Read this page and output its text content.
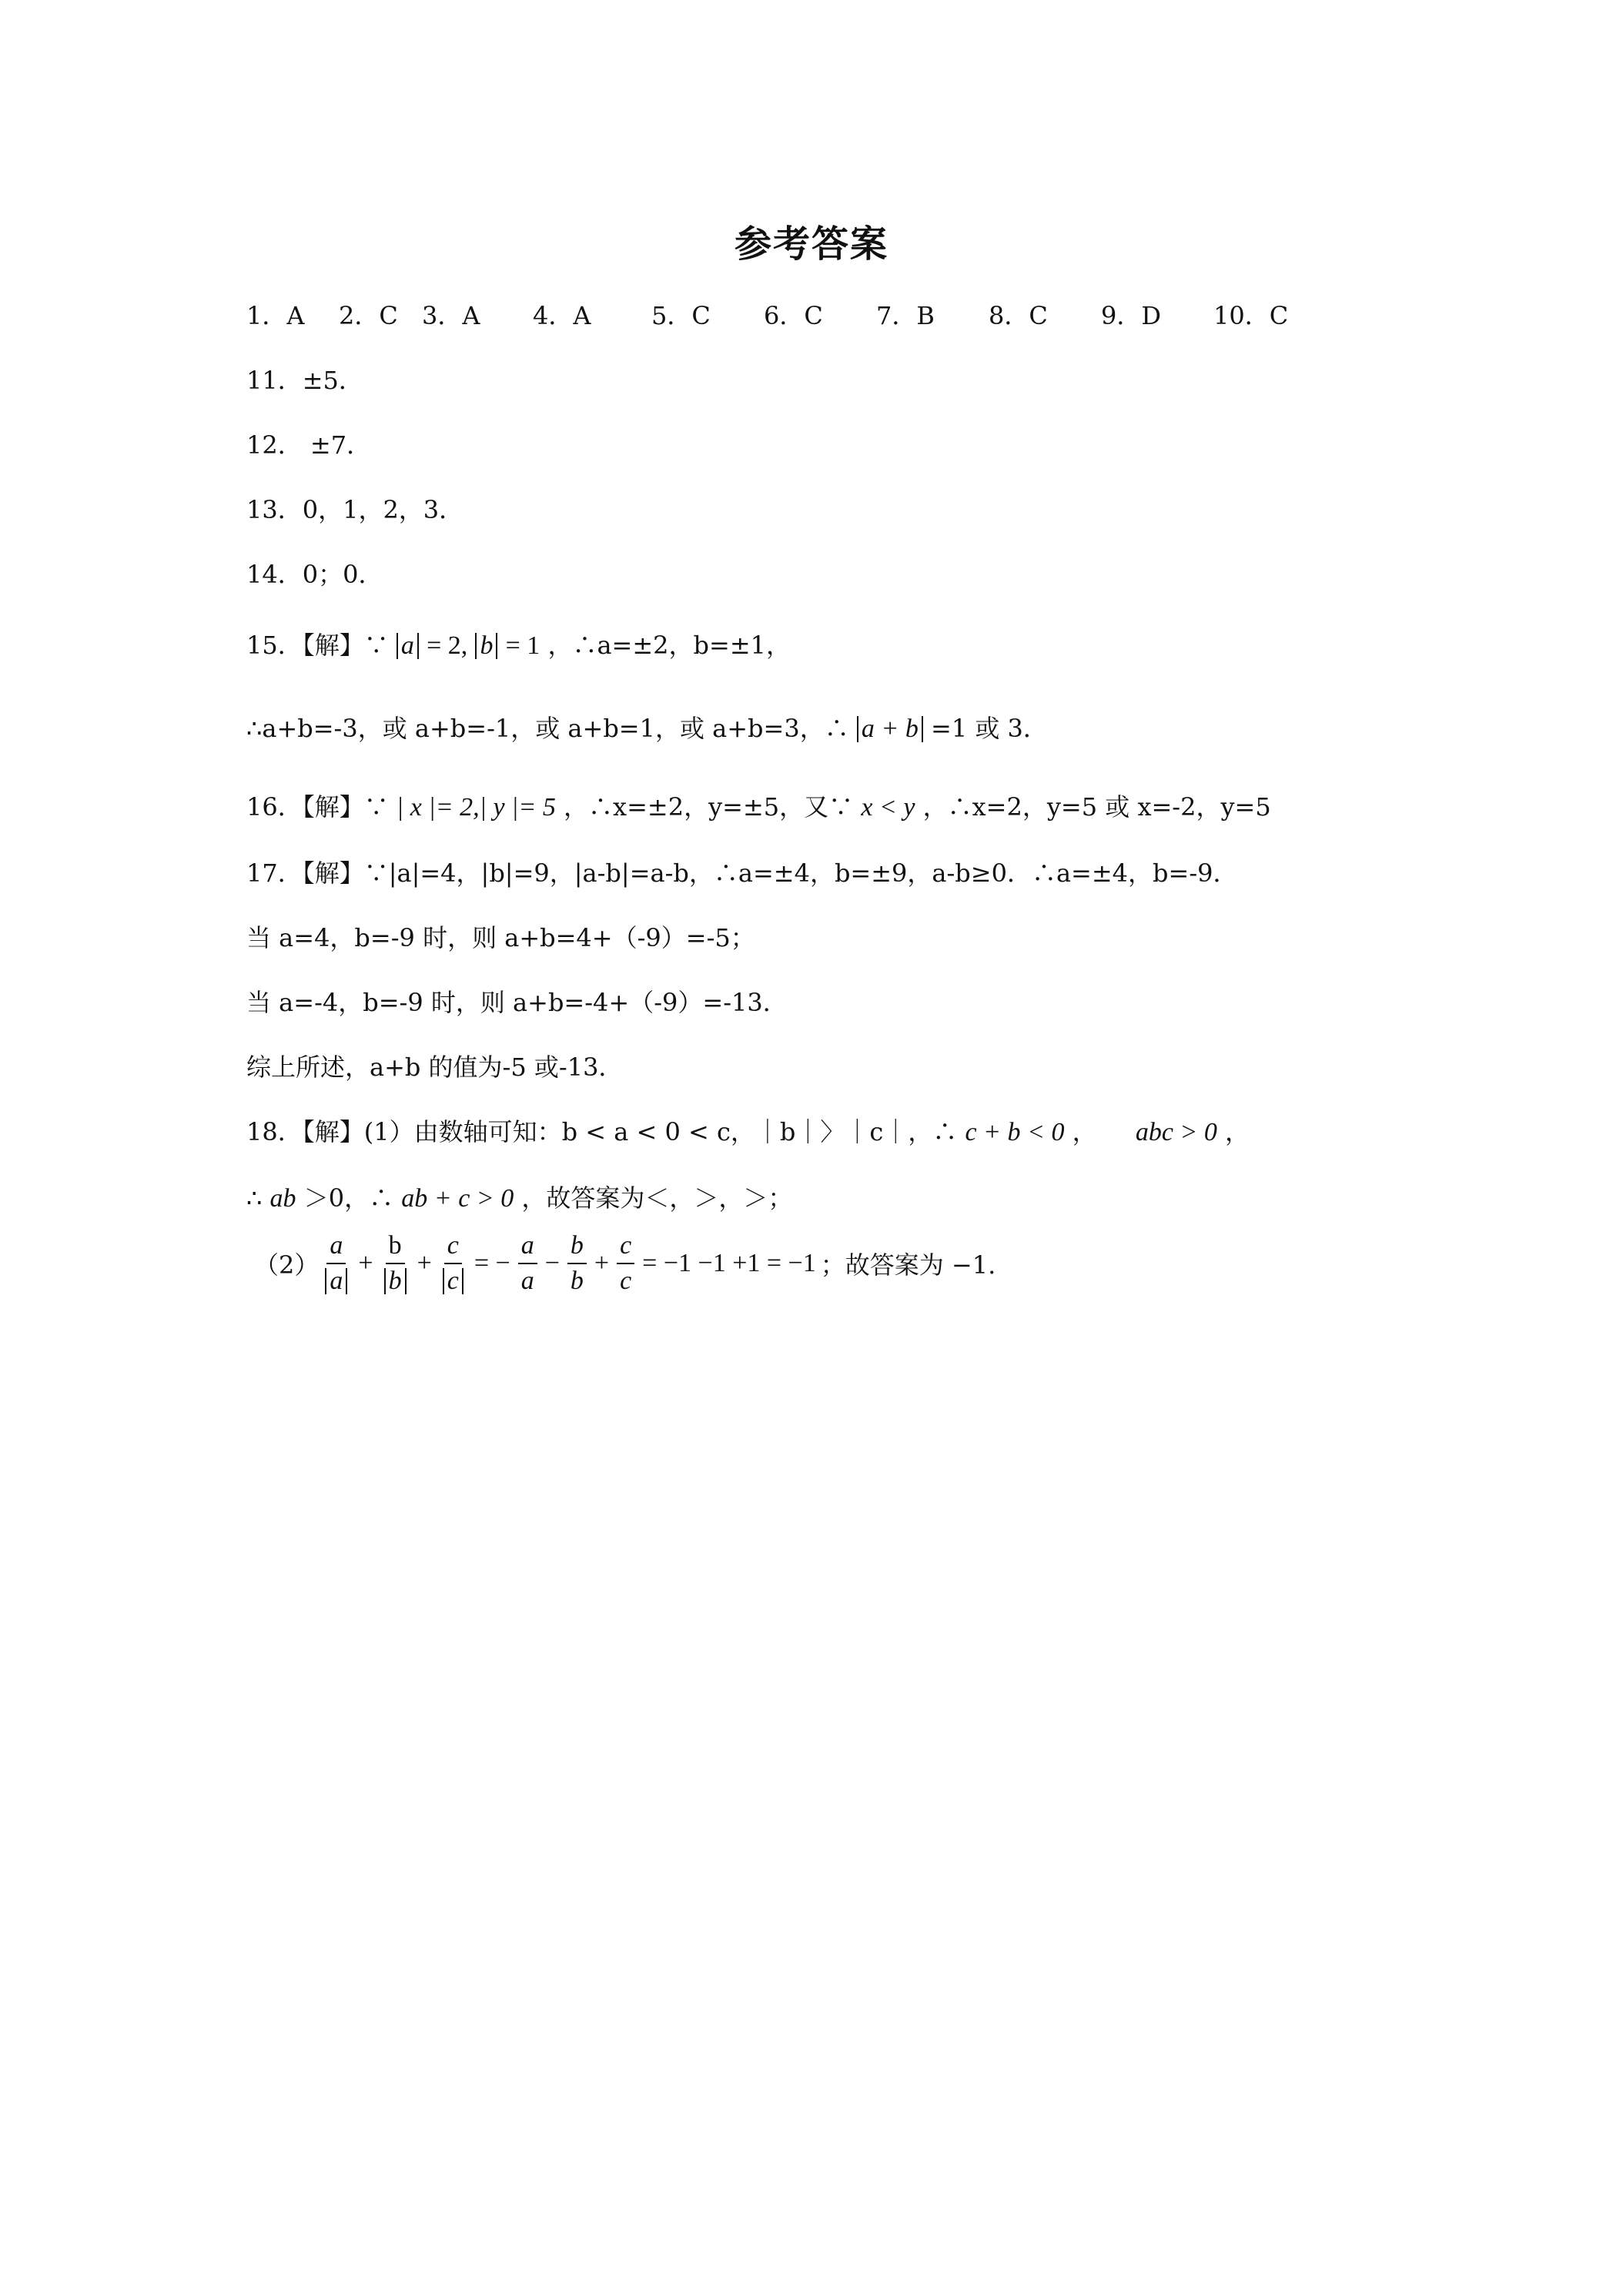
参考答案
1．A 2．C 3．A 4．A 5．C 6．C 7．B 8．C 9．D 10．C
11．±5．
12． ±7．
13．0，1，2，3．
14．0；0．
15．【解】∵ a = 2, b = 1 ，∴a=±2，b=±1，
∴a+b=-3，或 a+b=-1，或 a+b=1，或 a+b=3，∴ a + b =1 或 3．
16．【解】∵ | x |= 2,| y |= 5 ，∴x=±2，y=±5，又∵ x < y ，∴x=2，y=5 或 x=-2，y=5
17．【解】∵|a|=4，|b|=9，|a-b|=a-b，∴a=±4，b=±9，a-b≥0．∴a=±4，b=-9．
当 a=4，b=-9 时，则 a+b=4+（-9）=-5；
当 a=-4，b=-9 时，则 a+b=-4+（-9）=-13．
综上所述，a+b 的值为-5 或-13．
18．【解】(1）由数轴可知：b < a < 0 < c，｜b｜〉｜c｜，∴ c + b < 0 ， abc > 0 ，
∴ ab ＞0，∴ ab + c > 0 ，故答案为＜，＞，＞；
$(2) \frac{a}{a} + \frac{b}{b} + \frac{c}{c}$ = − $\frac{a}{a} - \frac{b}{b} + \frac{c}{c} = -1 -1 +1 = -1$ ；故答案为 −1.
